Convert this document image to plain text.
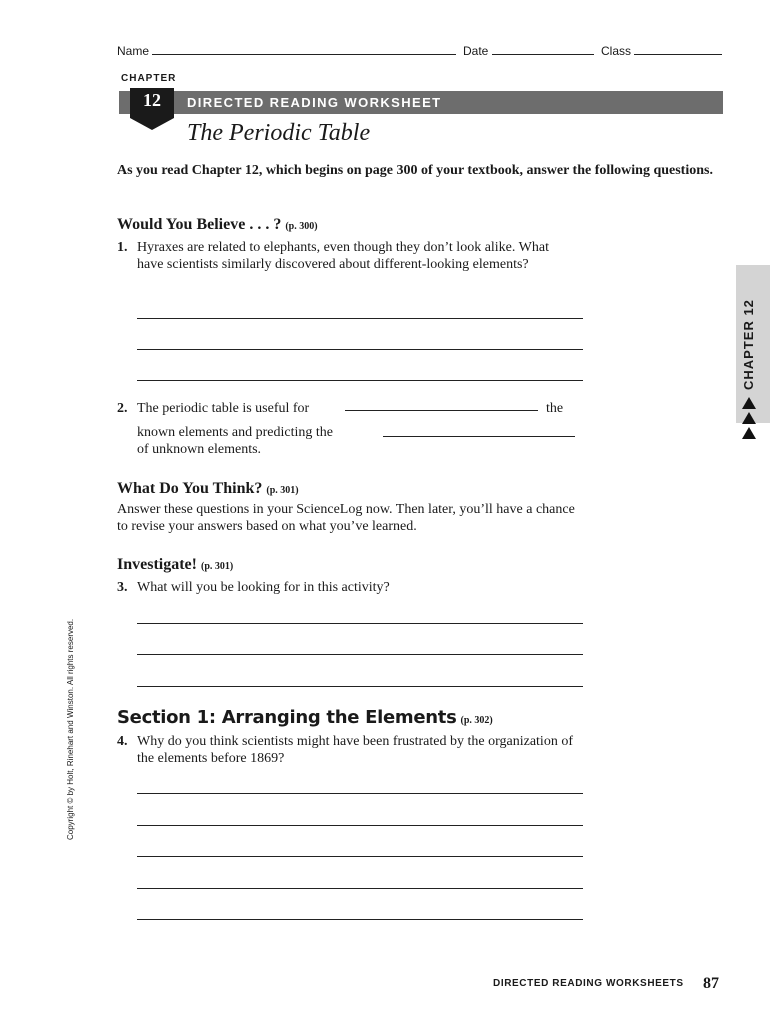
Name	Date	Class
CHAPTER
12	DIRECTED READING WORKSHEET
The Periodic Table
As you read Chapter 12, which begins on page 300 of your textbook, answer the following questions.
Would You Believe . . . ? (p. 300)
1. Hyraxes are related to elephants, even though they don’t look alike. What have scientists similarly discovered about different-looking elements?
2. The periodic table is useful for	the
known elements and predicting the
of unknown elements.
What Do You Think? (p. 301)
Answer these questions in your ScienceLog now. Then later, you’ll have a chance to revise your answers based on what you’ve learned.
Investigate! (p. 301)
3. What will you be looking for in this activity?
Section 1: Arranging the Elements (p. 302)
4. Why do you think scientists might have been frustrated by the organization of the elements before 1869?
Copyright © by Holt, Rinehart and Winston. All rights reserved.
DIRECTED READING WORKSHEETS 87
